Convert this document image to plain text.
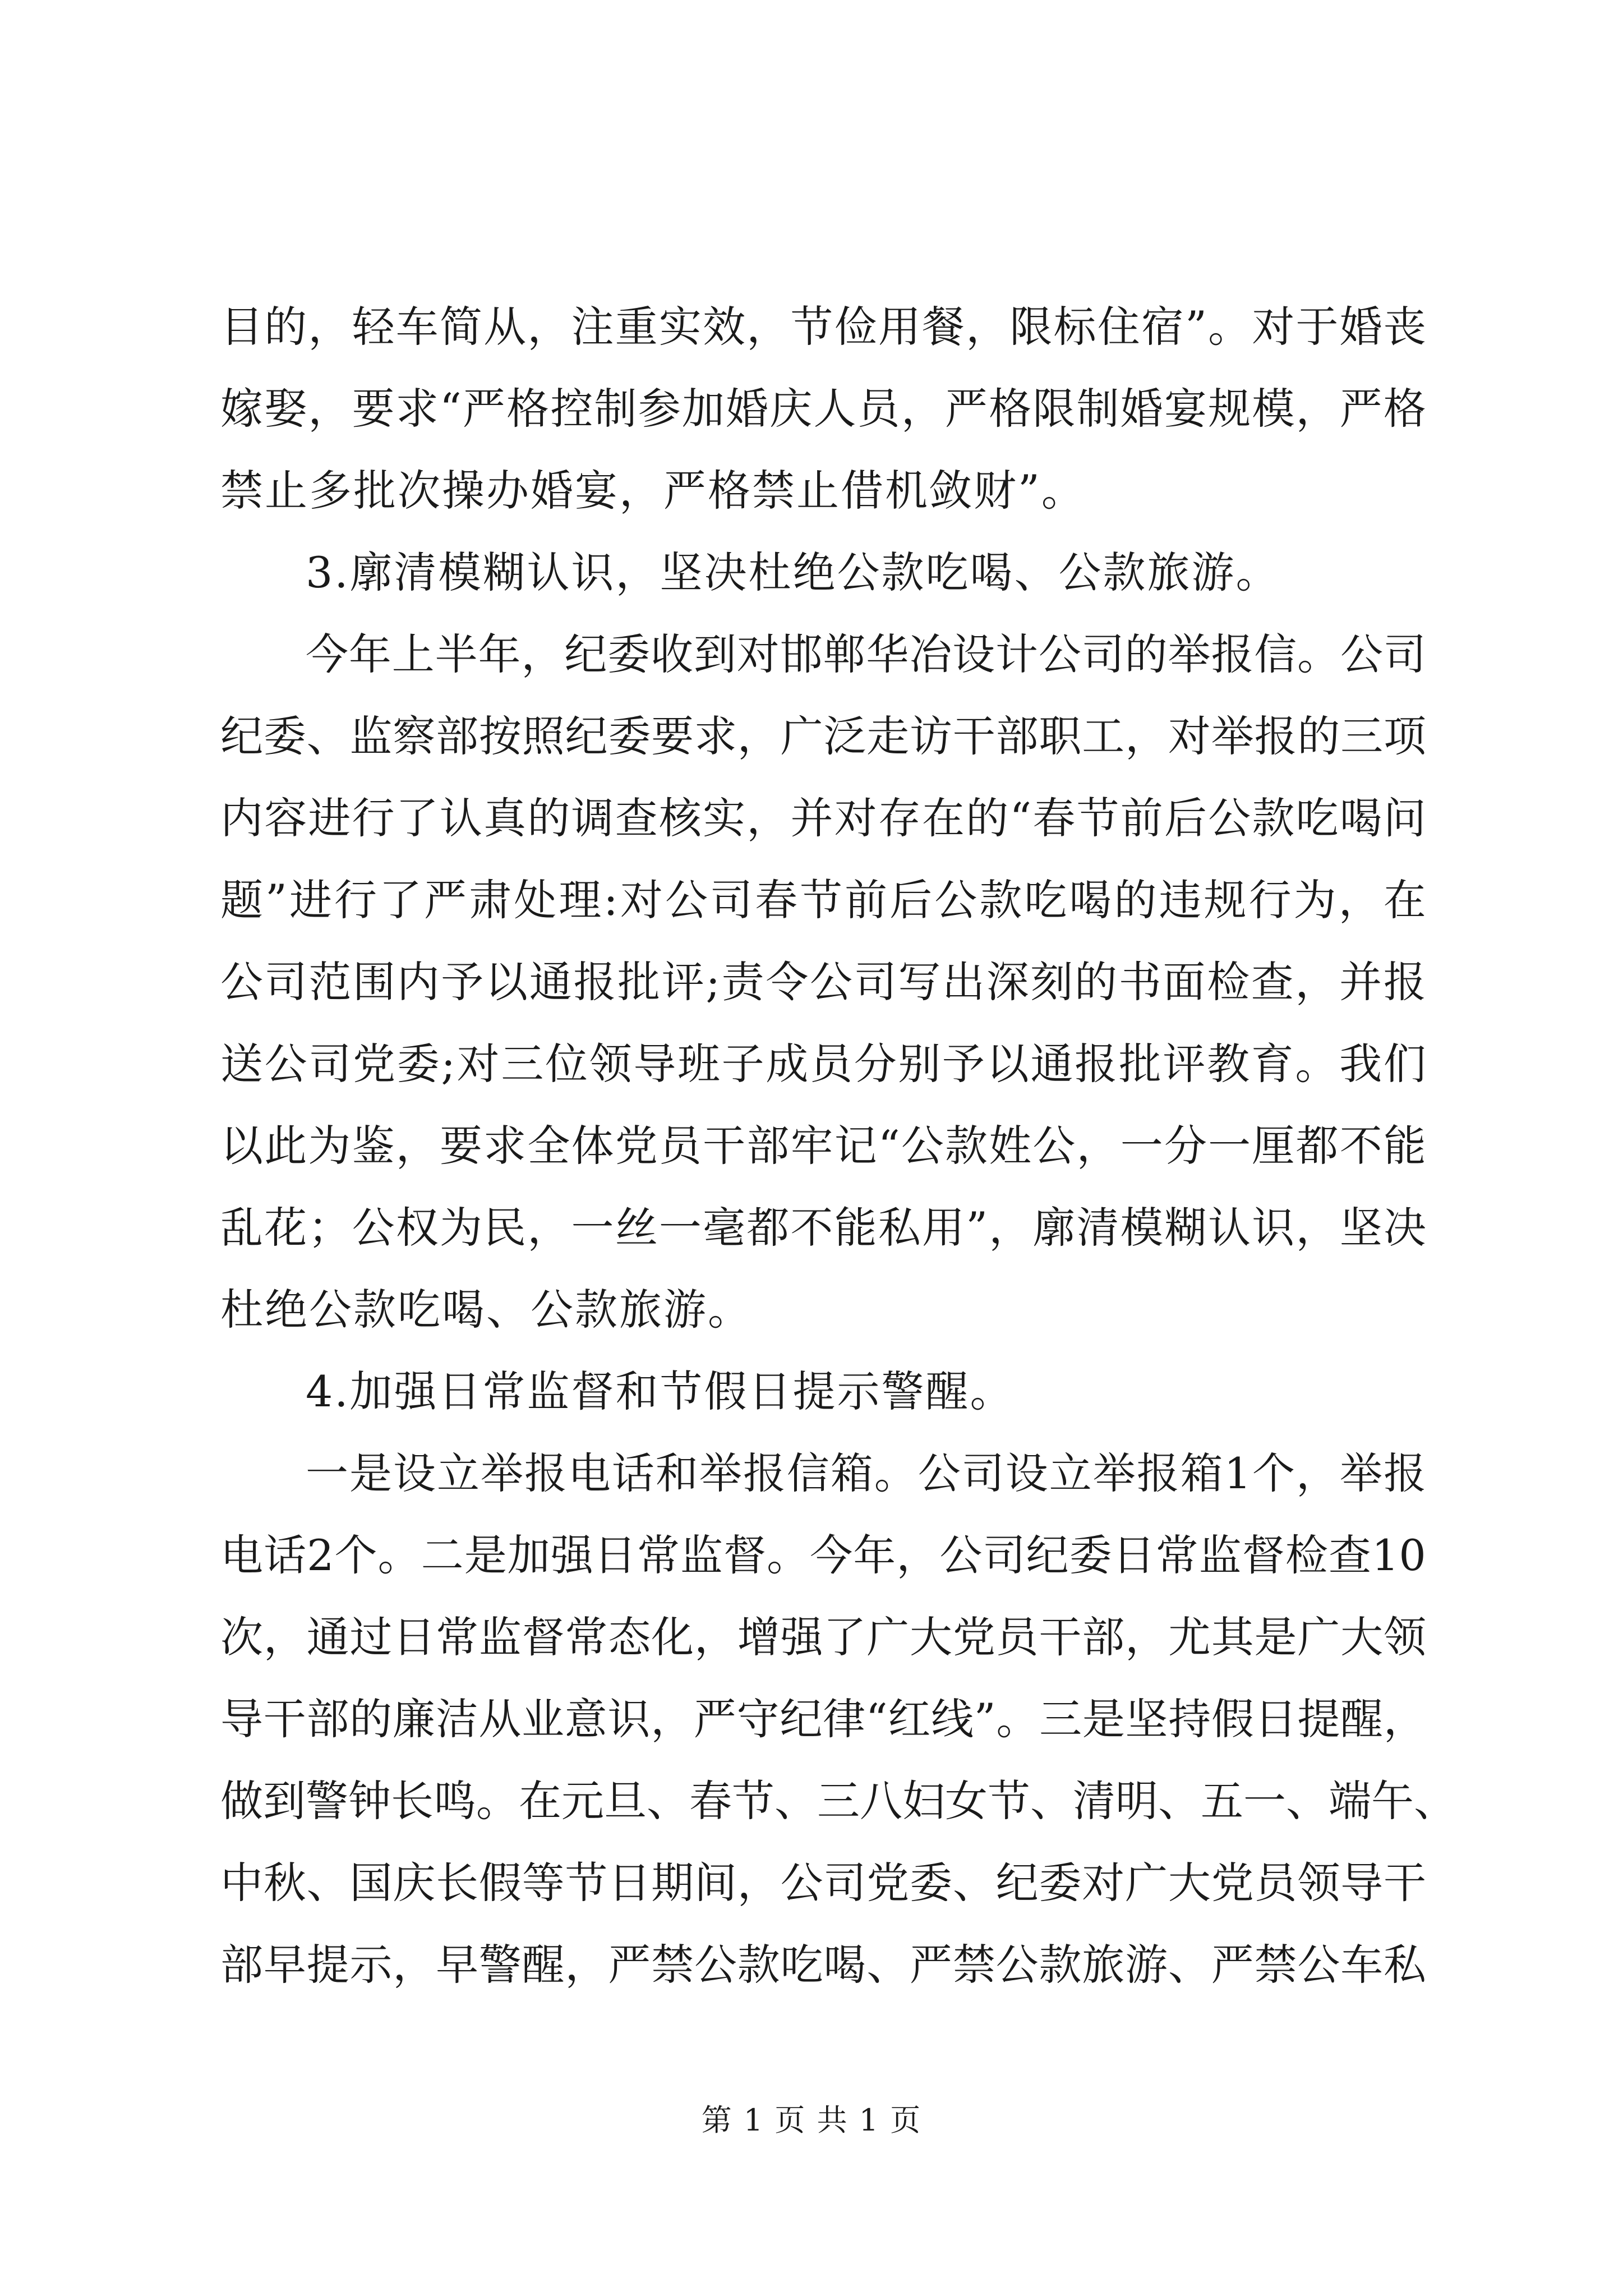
目 的 ， 轻 车 简 从 ， 注 重 实 效 ， 节 俭 用 餐 ， 限 标 住 宿 ” 。 对 于 婚 丧
嫁 娶 ， 要 求 “ 严 格 控 制 参 加 婚 庆 人 员 ， 严 格 限 制 婚 宴 规 模 ， 严 格
禁止多批次操办婚宴，严格禁止借机敛财”。
3.廓清模糊认识，坚决杜绝公款吃喝、公款旅游。
今 年 上 半 年 ， 纪 委 收 到 对 邯 郸 华 冶 设 计 公 司 的 举 报 信 。 公 司
纪 委 、 监 察 部 按 照 纪 委 要 求 ， 广 泛 走 访 干 部 职 工 ， 对 举 报 的 三 项
内 容 进 行 了 认 真 的 调 查 核 实 ， 并 对 存 在 的 “ 春 节 前 后 公 款 吃 喝 问
题 ” 进 行 了 严 肃 处 理 : 对 公 司 春 节 前 后 公 款 吃 喝 的 违 规 行 为 ， 在
公 司 范 围 内 予 以 通 报 批 评 ; 责 令 公 司 写 出 深 刻 的 书 面 检 查 ， 并 报
送 公 司 党 委 ; 对 三 位 领 导 班 子 成 员 分 别 予 以 通 报 批 评 教 育 。 我 们
以 此 为 鉴 ， 要 求 全 体 党 员 干 部 牢 记 “ 公 款 姓 公 ， 一 分 一 厘 都 不 能
乱 花 ； 公 权 为 民 ， 一 丝 一 毫 都 不 能 私 用 ” ， 廓 清 模 糊 认 识 ， 坚 决
杜绝公款吃喝、公款旅游。
4.加强日常监督和节假日提示警醒。
一 是 设 立 举 报 电 话 和 举 报 信 箱 。 公 司 设 立 举 报 箱 1 个 ， 举 报
电 话 2 个 。 二 是 加 强 日 常 监 督 。 今 年 ， 公 司 纪 委 日 常 监 督 检 查 10
次 ， 通 过 日 常 监 督 常 态 化 ， 增 强 了 广 大 党 员 干 部 ， 尤 其 是 广 大 领
导 干 部 的 廉 洁 从 业 意 识 ， 严 守 纪 律 “ 红 线 ” 。 三 是 坚 持 假 日 提 醒 ，
做 到 警 钟 长 鸣 。 在 元 旦 、 春 节 、 三 八 妇 女 节 、 清 明 、 五 一 、 端 午 、
中 秋 、 国 庆 长 假 等 节 日 期 间 ， 公 司 党 委 、 纪 委 对 广 大 党 员 领 导 干
部 早 提 示 ， 早 警 醒 ， 严 禁 公 款 吃 喝 、 严 禁 公 款 旅 游 、 严 禁 公 车 私
第 1 页 共 1 页
